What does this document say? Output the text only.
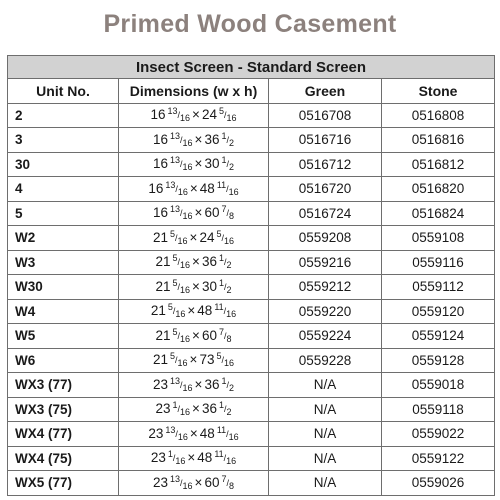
Primed Wood Casement
Insect Screen - Standard Screen			
Unit No.	Dimensions (w x h)	Green	Stone
2	16 13/16 × 24 5/16	0516708	0516808
3	16 13/16 × 36 1/2	0516716	0516816
30	16 13/16 × 30 1/2	0516712	0516812
4	16 13/16 × 48 11/16	0516720	0516820
5	16 13/16 × 60 7/8	0516724	0516824
W2	21 5/16 × 24 5/16	0559208	0559108
W3	21 5/16 × 36 1/2	0559216	0559116
W30	21 5/16 × 30 1/2	0559212	0559112
W4	21 5/16 × 48 11/16	0559220	0559120
W5	21 5/16 × 60 7/8	0559224	0559124
W6	21 5/16 × 73 5/16	0559228	0559128
WX3 (77)	23 13/16 × 36 1/2	N/A	0559018
WX3 (75)	23 1/16 × 36 1/2	N/A	0559118
WX4 (77)	23 13/16 × 48 11/16	N/A	0559022
WX4 (75)	23 1/16 × 48 11/16	N/A	0559122
WX5 (77)	23 13/16 × 60 7/8	N/A	0559026
